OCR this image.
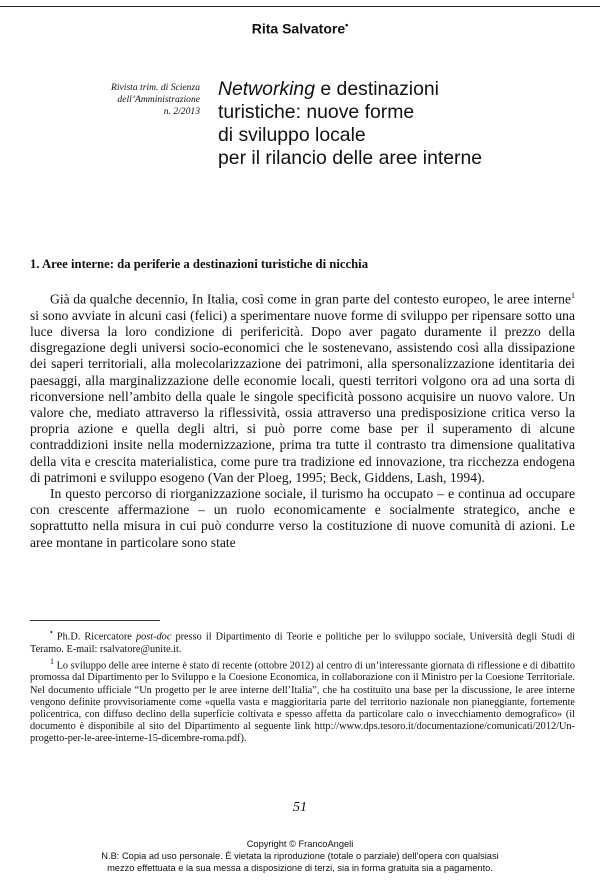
Rita Salvatore•
Rivista trim. di Scienza
dell’Amministrazione
n. 2/2013
Networking e destinazioni
turistiche: nuove forme
di sviluppo locale
per il rilancio delle aree interne
1. Aree interne: da periferie a destinazioni turistiche di nicchia

Già da qualche decennio, In Italia, così come in gran parte del contesto europeo, le aree interne$^1$ si sono avviate in alcuni casi (felici) a sperimentare nuove forme di sviluppo per ripensare sotto una luce diversa la loro condizione di perifericità. Dopo aver pagato duramente il prezzo della disgregazione degli universi socio-economici che le sostenevano, assistendo così alla dissipazione dei saperi territoriali, alla molecolarizzazione dei patrimoni, alla spersonalizzazione identitaria dei paesaggi, alla marginalizzazione delle economie locali, questi territori volgono ora ad una sorta di riconversione nell’ambito della quale le singole specificità possono acquisire un nuovo valore. Un valore che, mediato attraverso la riflessività, ossia attraverso una predisposizione critica verso la propria azione e quella degli altri, si può porre come base per il superamento di alcune contraddizioni insite nella modernizzazione, prima tra tutte il contrasto tra dimensione qualitativa della vita e crescita materialistica, come pure tra tradizione ed innovazione, tra ricchezza endogena di patrimoni e sviluppo esogeno (Van der Ploeg, 1995; Beck, Giddens, Lash, 1994).

In questo percorso di riorganizzazione sociale, il turismo ha occupato – e continua ad occupare con crescente affermazione – un ruolo economicamente e socialmente strategico, anche e soprattutto nella misura in cui può condurre verso la costituzione di nuove comunità di azioni. Le aree montane in particolare sono state

• Ph.D. Ricercatore post-doc presso il Dipartimento di Teorie e politiche per lo sviluppo sociale, Università degli Studi di Teramo. E-mail: rsalvatore@unite.it.

$^1$ Lo sviluppo delle aree interne è stato di recente (ottobre 2012) al centro di un’interessante giornata di riflessione e di dibattito promossa dal Dipartimento per lo Sviluppo e la Coesione Economica, in collaborazione con il Ministro per la Coesione Territoriale. Nel documento ufficiale “Un progetto per le aree interne dell’Italia”, che ha costituito una base per la discussione, le aree interne vengono definite provvisoriamente come «quella vasta e maggioritaria parte del territorio nazionale non pianeggiante, fortemente policentrica, con diffuso declino della superficie coltivata e spesso affetta da particolare calo o invecchiamento demografico» (il documento è disponibile al sito del Dipartimento al seguente link http://www.dps.tesoro.it/documentazione/comunicati/2012/Un-progetto-per-le-aree-interne-15-dicembre-roma.pdf).

51
Copyright © FrancoAngeli
N.B: Copia ad uso personale. È vietata la riproduzione (totale o parziale) dell’opera con qualsiasi
mezzo effettuata e la sua messa a disposizione di terzi, sia in forma gratuita sia a pagamento.
